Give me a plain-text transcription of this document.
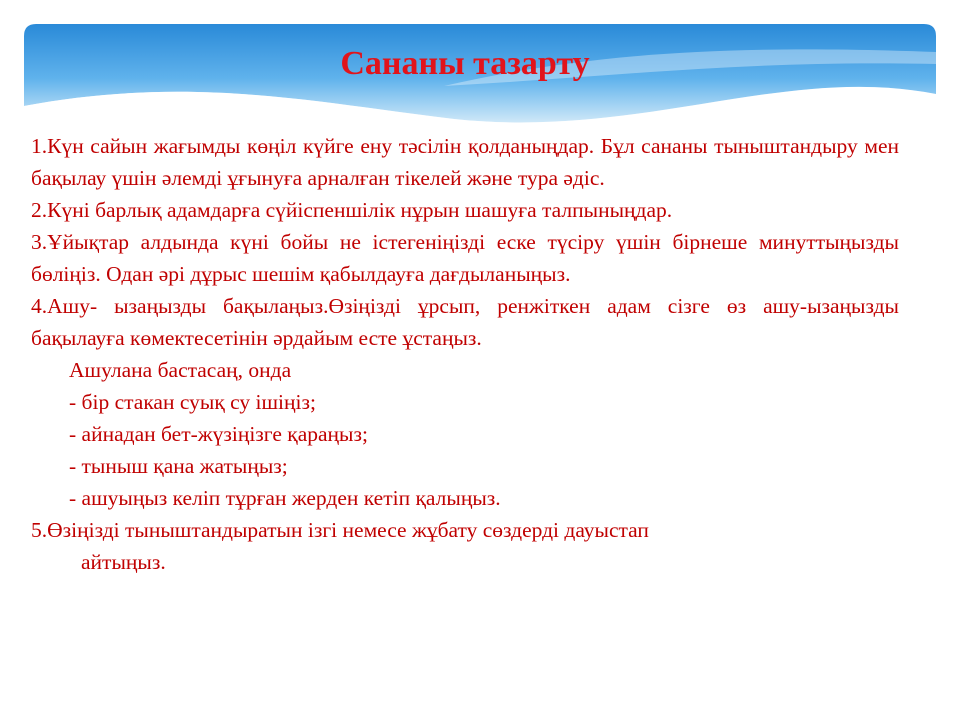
Сананы тазарту

1.Күн сайын жағымды көңіл күйге ену тәсілін қолданыңдар. Бұл сананы тыныштандыру мен бақылау үшін әлемді ұғынуға арналған тікелей және тура әдіс.

2.Күні барлық адамдарға сүйіспеншілік нұрын шашуға талпыныңдар.

3.Ұйықтар алдында күні бойы не істегеніңізді еске түсіру үшін бірнеше минуттыңызды бөліңіз. Одан әрі дұрыс шешім қабылдауға дағдыланыңыз.

4.Ашу- ызаңызды бақылаңыз.Өзіңізді ұрсып, ренжіткен адам сізге өз ашу-ызаңызды бақылауға көмектесетінін әрдайым есте ұстаңыз.

Ашулана бастасаң, онда

- бір стакан суық су ішіңіз;

- айнадан бет-жүзіңізге қараңыз;

- тыныш қана жатыңыз;

- ашуыңыз келіп тұрған жерден кетіп қалыңыз.

5.Өзіңізді тыныштандыратын ізгі немесе жұбату сөздерді дауыстап

айтыңыз.
